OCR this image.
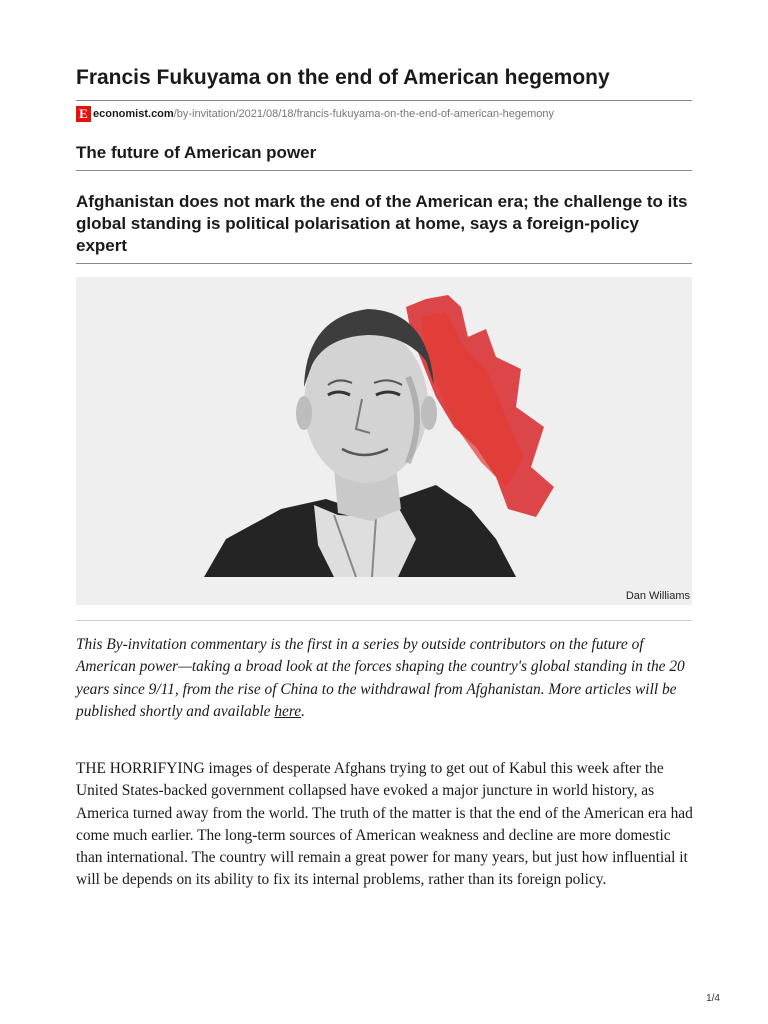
Francis Fukuyama on the end of American hegemony
E economist.com /by-invitation/2021/08/18/francis-fukuyama-on-the-end-of-american-hegemony
The future of American power
Afghanistan does not mark the end of the American era; the challenge to its global standing is political polarisation at home, says a foreign-policy expert
Dan Williams

This By-invitation commentary is the first in a series by outside contributors on the future of American power—taking a broad look at the forces shaping the country's global standing in the 20 years since 9/11, from the rise of China to the withdrawal from Afghanistan. More articles will be published shortly and available here.

THE HORRIFYING images of desperate Afghans trying to get out of Kabul this week after the United States-backed government collapsed have evoked a major juncture in world history, as America turned away from the world. The truth of the matter is that the end of the American era had come much earlier. The long-term sources of American weakness and decline are more domestic than international. The country will remain a great power for many years, but just how influential it will be depends on its ability to fix its internal problems, rather than its foreign policy.

1/4
